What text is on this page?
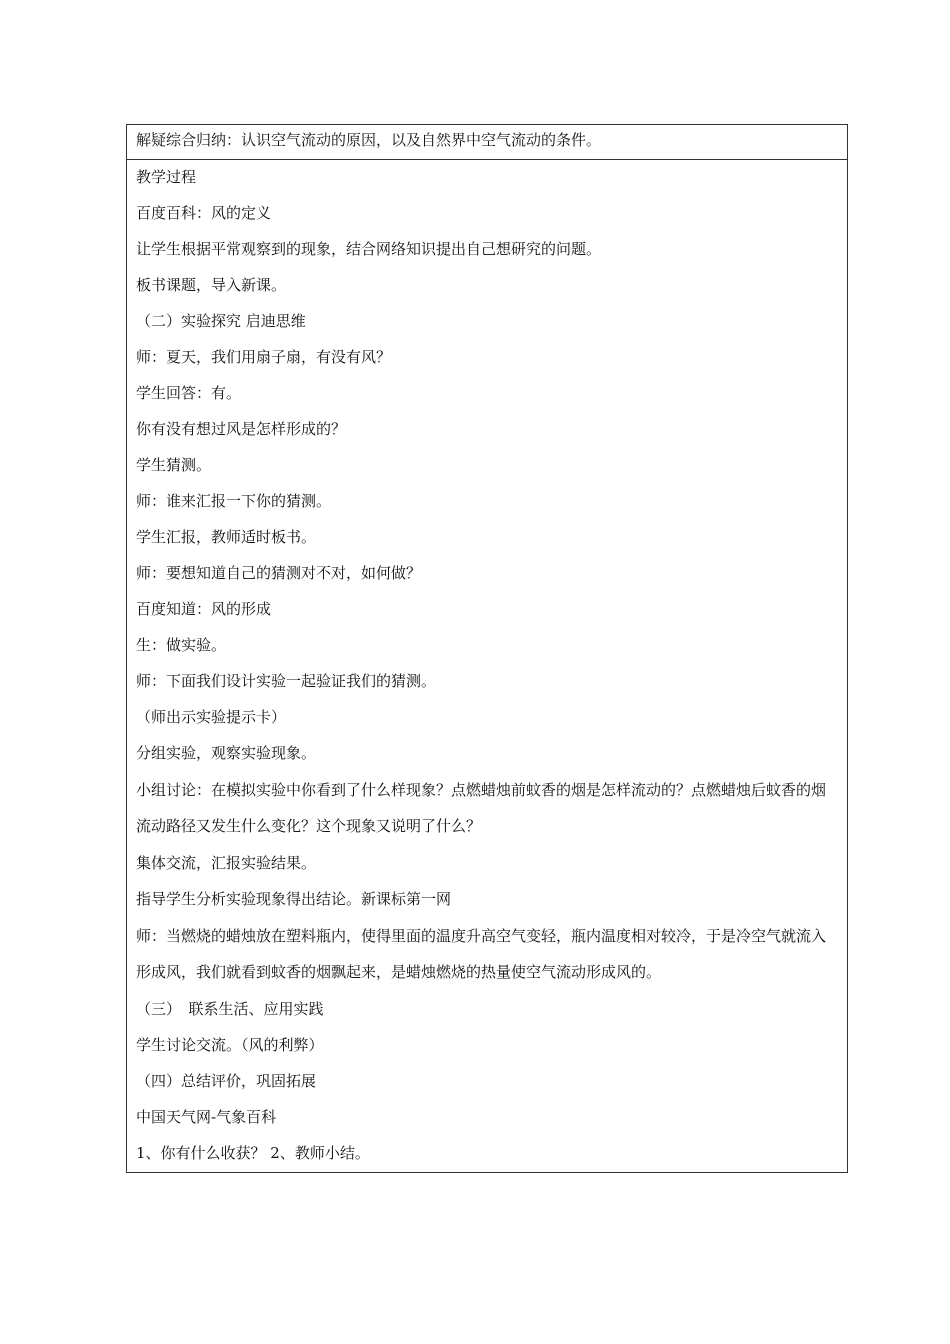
解疑综合归纳：认识空气流动的原因，以及自然界中空气流动的条件。

教学过程
百度百科：风的定义
让学生根据平常观察到的现象，结合网络知识提出自己想研究的问题。
板书课题，导入新课。
（二）实验探究 启迪思维
师：夏天，我们用扇子扇，有没有风？
学生回答：有。
你有没有想过风是怎样形成的？
学生猜测。
师：谁来汇报一下你的猜测。
学生汇报，教师适时板书。
师：要想知道自己的猜测对不对，如何做？
百度知道：风的形成
生：做实验。
师：下面我们设计实验一起验证我们的猜测。
（师出示实验提示卡）
分组实验，观察实验现象。
小组讨论：在模拟实验中你看到了什么样现象？点燃蜡烛前蚊香的烟是怎样流动的？点燃蜡烛后蚊香的烟流动路径又发生什么变化？这个现象又说明了什么？
集体交流，汇报实验结果。
指导学生分析实验现象得出结论。新课标第一网
师：当燃烧的蜡烛放在塑料瓶内，使得里面的温度升高空气变轻，瓶内温度相对较冷，于是冷空气就流入形成风，我们就看到蚊香的烟飘起来，是蜡烛燃烧的热量使空气流动形成风的。
（三）　联系生活、应用实践
学生讨论交流。（风的利弊）
（四）总结评价，巩固拓展
中国天气网-气象百科
1、你有什么收获？ 2、教师小结。
